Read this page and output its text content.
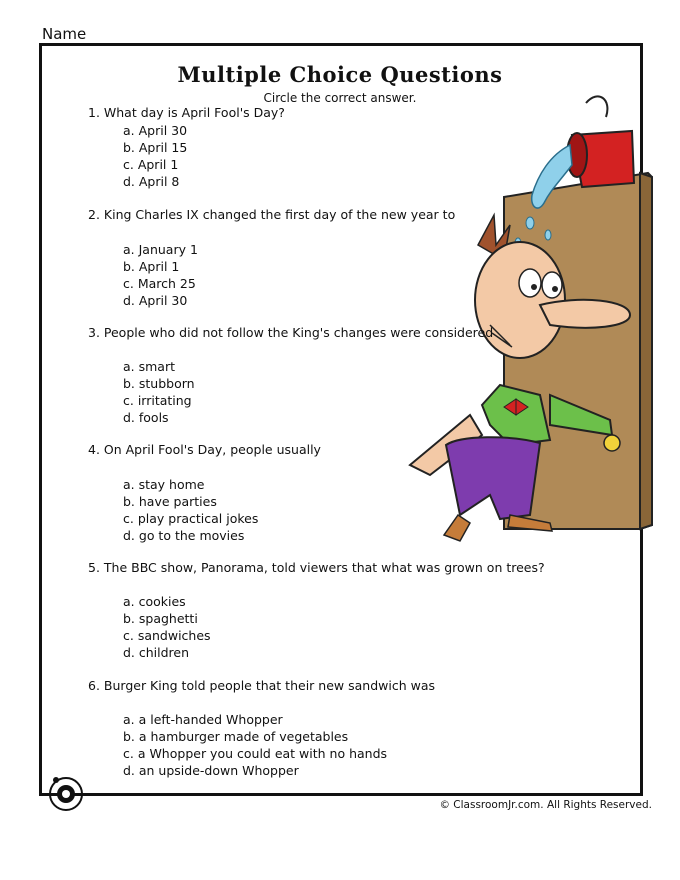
Name
Multiple Choice Questions
Circle the correct answer.
1. What day is April Fool's Day?
a. April 30
b. April 15
c. April 1
d. April 8
2. King Charles IX changed the first day of the new year to
a. January 1
b. April 1
c. March 25
d. April 30
3. People who did not follow the King's changes were considered
a. smart
b. stubborn
c. irritating
d. fools
4. On April Fool's Day, people usually
a. stay home
b. have parties
c. play practical jokes
d. go to the movies
5. The BBC show, Panorama, told viewers that what was grown on trees?
a. cookies
b. spaghetti
c. sandwiches
d. children
6. Burger King told people that their new sandwich was
a. a left-handed Whopper
b. a hamburger made of vegetables
c. a Whopper you could eat with no hands
d. an upside-down Whopper
© ClassroomJr.com. All Rights Reserved.
